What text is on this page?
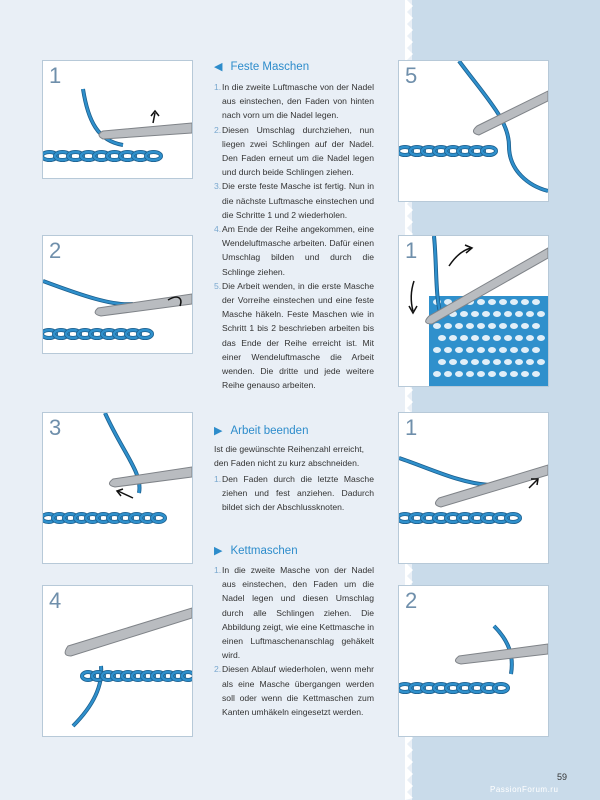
1
2
3
4
◀ Feste Maschen
1. In die zweite Luftmasche von der Nadel aus einstechen, den Faden von hinten nach vorn um die Nadel legen.
2. Diesen Umschlag durchziehen, nun liegen zwei Schlingen auf der Nadel. Den Faden erneut um die Nadel legen und durch beide Schlingen ziehen.
3. Die erste feste Masche ist fertig. Nun in die nächste Luftmasche einstechen und die Schritte 1 und 2 wiederholen.
4. Am Ende der Reihe angekommen, eine Wendeluftmasche arbeiten. Dafür einen Umschlag bilden und durch die Schlinge ziehen.
5. Die Arbeit wenden, in die erste Masche der Vorreihe einstechen und eine feste Masche häkeln. Feste Maschen wie in Schritt 1 bis 2 beschrieben arbeiten bis das Ende der Reihe erreicht ist. Mit einer Wendeluftmasche die Arbeit wenden. Die dritte und jede weitere Reihe genauso arbeiten.
▶ Arbeit beenden

Ist die gewünschte Reihenzahl erreicht, den Faden nicht zu kurz abschneiden.

1. Den Faden durch die letzte Masche ziehen und fest anziehen. Dadurch bildet sich der Abschlussknoten.
▶ Kettmaschen
1. In die zweite Masche von der Nadel aus einstechen, den Faden um die Nadel legen und diesen Umschlag durch alle Schlingen ziehen. Die Abbildung zeigt, wie eine Kettmasche in einen Luftmaschenanschlag gehäkelt wird.
2. Diesen Ablauf wiederholen, wenn mehr als eine Masche übergangen werden soll oder wenn die Kettmaschen zum Kanten umhäkeln eingesetzt werden.
5
1
1
2
59
PassionForum.ru
